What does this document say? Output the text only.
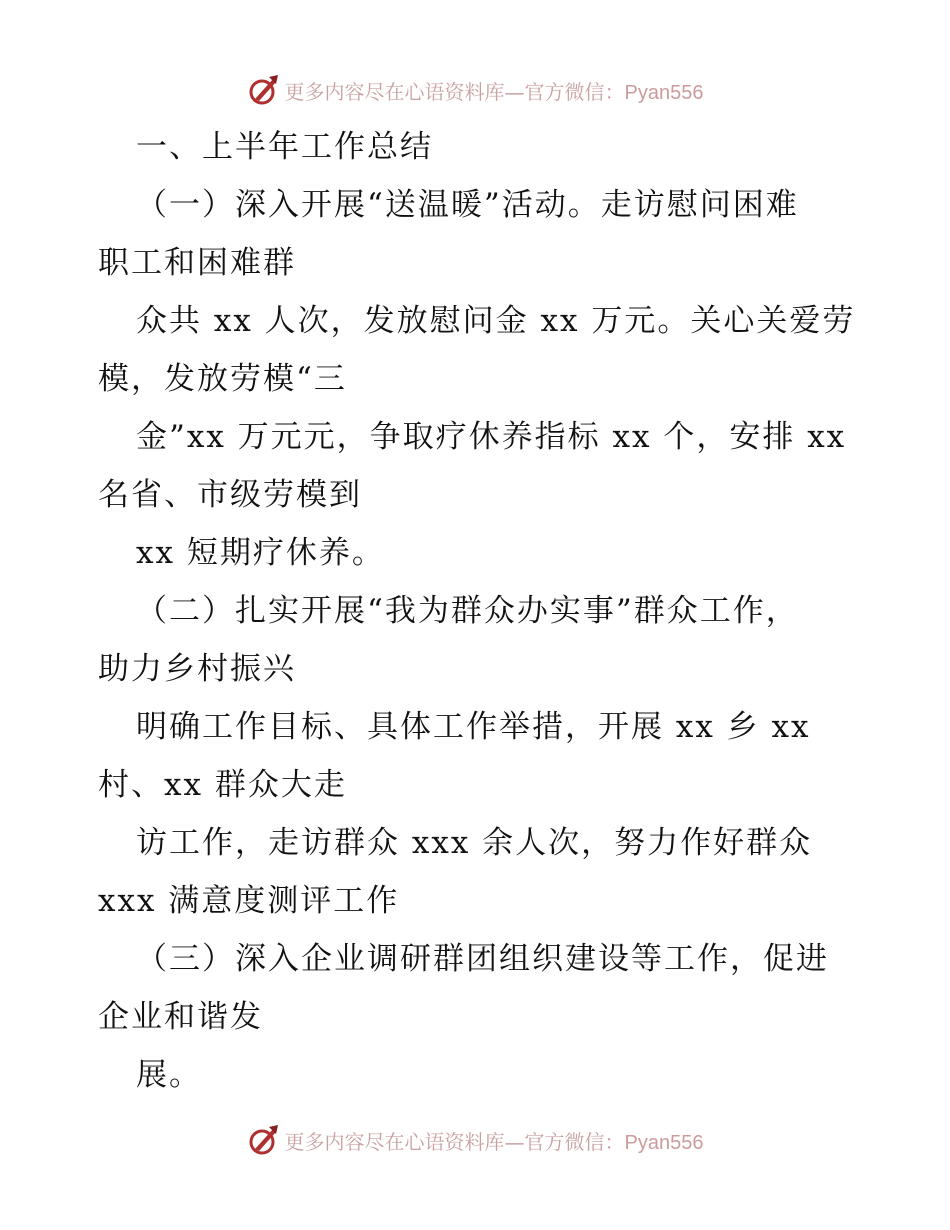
更多内容尽在心语资料库—官方微信：Pyan556
一、上半年工作总结
（一）深入开展“送温暖”活动。走访慰问困难
职工和困难群
众共 xx 人次，发放慰问金 xx 万元。关心关爱劳
模，发放劳模“三
金”xx 万元元，争取疗休养指标 xx 个，安排 xx
名省、市级劳模到
xx 短期疗休养。
（二）扎实开展“我为群众办实事”群众工作，
助力乡村振兴
明确工作目标、具体工作举措，开展 xx 乡 xx
村、xx 群众大走
访工作，走访群众 xxx 余人次，努力作好群众
xxx 满意度测评工作
（三）深入企业调研群团组织建设等工作，促进
企业和谐发
展。
更多内容尽在心语资料库—官方微信：Pyan556
